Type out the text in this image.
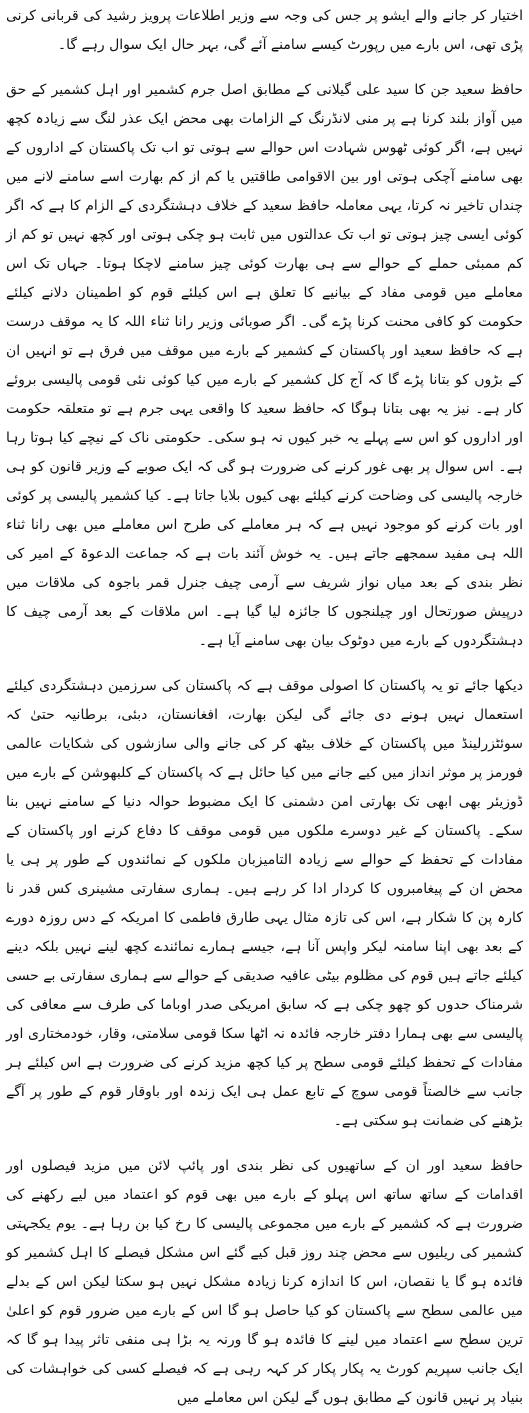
اختیار کر جانے والے ایشو پر جس کی وجہ سے وزیر اطلاعات پرویز رشید کی قربانی کرنی پڑی تھی، اس بارے میں رپورٹ کیسے سامنے آئے گی، بہر حال ایک سوال رہے گا۔

حافظ سعید جن کا سید علی گیلانی کے مطابق اصل جرم کشمیر اور اہل کشمیر کے حق میں آواز بلند کرنا ہے پر منی لانڈرنگ کے الزامات بھی محض ایک عذر لنگ سے زیادہ کچھ نہیں ہے، اگر کوئی ٹھوس شہادت اس حوالے سے ہوتی تو اب تک پاکستان کے اداروں کے بھی سامنے آچکی ہوتی اور بین الاقوامی طاقتیں یا کم از کم بھارت اسے سامنے لانے میں چنداں تاخیر نہ کرتا، یہی معاملہ حافظ سعید کے خلاف دہشتگردی کے الزام کا ہے کہ اگر کوئی ایسی چیز ہوتی تو اب تک عدالتوں میں ثابت ہو چکی ہوتی اور کچھ نہیں تو کم از کم ممبئی حملے کے حوالے سے ہی بھارت کوئی چیز سامنے لاچکا ہوتا۔ جہاں تک اس معاملے میں قومی مفاد کے بیانیے کا تعلق ہے اس کیلئے قوم کو اطمینان دلانے کیلئے حکومت کو کافی محنت کرنا پڑے گی۔ اگر صوبائی وزیر رانا ثناء اللہ کا یہ موقف درست ہے کہ حافظ سعید اور پاکستان کے کشمیر کے بارے میں موقف میں فرق ہے تو انہیں ان کے بڑوں کو بتانا پڑے گا کہ آج کل کشمیر کے بارے میں کیا کوئی نئی قومی پالیسی بروئے کار ہے۔ نیز یہ بھی بتانا ہوگا کہ حافظ سعید کا واقعی یہی جرم ہے تو متعلقہ حکومت اور اداروں کو اس سے پہلے یہ خبر کیوں نہ ہو سکی۔ حکومتی ناک کے نیچے کیا ہوتا رہا ہے۔ اس سوال پر بھی غور کرنے کی ضرورت ہو گی کہ ایک صوبے کے وزیر قانون کو ہی خارجہ پالیسی کی وضاحت کرنے کیلئے بھی کیوں بلایا جاتا ہے۔ کیا کشمیر پالیسی پر کوئی اور بات کرنے کو موجود نہیں ہے کہ ہر معاملے کی طرح اس معاملے میں بھی رانا ثناء اللہ ہی مفید سمجھے جاتے ہیں۔ یہ خوش آئند بات ہے کہ جماعت الدعوۃ کے امیر کی نظر بندی کے بعد میاں نواز شریف سے آرمی چیف جنرل قمر باجوہ کی ملاقات میں درپیش صورتحال اور چیلنجوں کا جائزہ لیا گیا ہے۔ اس ملاقات کے بعد آرمی چیف کا دہشتگردوں کے بارے میں دوٹوک بیان بھی سامنے آیا ہے۔

دیکھا جائے تو یہ پاکستان کا اصولی موقف ہے کہ پاکستان کی سرزمین دہشتگردی کیلئے استعمال نہیں ہونے دی جائے گی لیکن بھارت، افغانستان، دبئی، برطانیہ حتیٰ کہ سوئٹزرلینڈ میں پاکستان کے خلاف بیٹھ کر کی جانے والی سازشوں کی شکایات عالمی فورمز پر موثر انداز میں کیے جانے میں کیا حائل ہے کہ پاکستان کے کلبھوشن کے بارے میں ڈوزیئر بھی ابھی تک بھارتی امن دشمنی کا ایک مضبوط حوالہ دنیا کے سامنے نہیں بنا سکے۔ پاکستان کے غیر دوسرے ملکوں میں قومی موقف کا دفاع کرنے اور پاکستان کے مفادات کے تحفظ کے حوالے سے زیادہ التامیزبان ملکوں کے نمائندوں کے طور پر ہی یا محض ان کے پیغامبروں کا کردار ادا کر رہے ہیں۔ ہماری سفارتی مشینری کس قدر نا کارہ پن کا شکار ہے، اس کی تازہ مثال یہی طارق فاطمی کا امریکہ کے دس روزہ دورے کے بعد بھی اپنا سامنہ لیکر واپس آنا ہے، جیسے ہمارے نمائندے کچھ لینے نہیں بلکہ دینے کیلئے جاتے ہیں قوم کی مظلوم بیٹی عافیہ صدیقی کے حوالے سے ہماری سفارتی بے حسی شرمناک حدوں کو چھو چکی ہے کہ سابق امریکی صدر اوباما کی طرف سے معافی کی پالیسی سے بھی ہمارا دفتر خارجہ فائدہ نہ اٹھا سکا قومی سلامتی، وقار، خودمختاری اور مفادات کے تحفظ کیلئے قومی سطح پر کیا کچھ مزید کرنے کی ضرورت ہے اس کیلئے ہر جانب سے خالصتاً قومی سوچ کے تابع عمل ہی ایک زندہ اور باوقار قوم کے طور پر آگے بڑھنے کی ضمانت ہو سکتی ہے۔

حافظ سعید اور ان کے ساتھیوں کی نظر بندی اور پائپ لائن میں مزید فیصلوں اور اقدامات کے ساتھ ساتھ اس پہلو کے بارے میں بھی قوم کو اعتماد میں لیے رکھنے کی ضرورت ہے کہ کشمیر کے بارے میں مجموعی پالیسی کا رخ کیا بن رہا ہے۔ یوم یکجہتی کشمیر کی ریلیوں سے محض چند روز قبل کیے گئے اس مشکل فیصلے کا اہل کشمیر کو فائدہ ہو گا یا نقصان، اس کا اندازہ کرنا زیادہ مشکل نہیں ہو سکتا لیکن اس کے بدلے میں عالمی سطح سے پاکستان کو کیا حاصل ہو گا اس کے بارے میں ضرور قوم کو اعلیٰ ترین سطح سے اعتماد میں لینے کا فائدہ ہو گا ورنہ یہ بڑا ہی منفی تاثر پیدا ہو گا کہ ایک جانب سپریم کورٹ یہ پکار پکار کر کہہ رہی ہے کہ فیصلے کسی کی خواہشات کی بنیاد پر نہیں قانون کے مطابق ہوں گے لیکن اس معاملے میں
